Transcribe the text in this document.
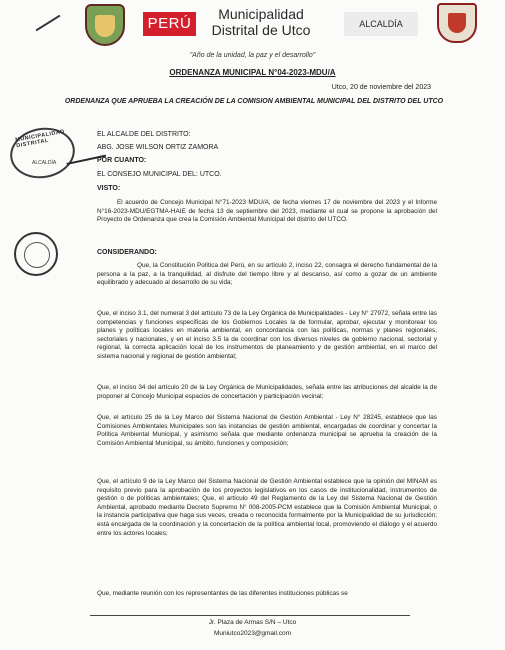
PERÚ
Municipalidad
Distrital de Utco	ALCALDÍA
"Año de la unidad, la paz y el desarrollo"
ORDENANZA MUNICIPAL N°04-2023-MDU/A
Utco, 20 de noviembre del 2023
ORDENANZA QUE APRUEBA LA CREACIÓN DE LA COMISION AMBIENTAL MUNICIPAL DEL DISTRITO DEL UTCO
MUNICIPALIDAD DISTRITAL
ALCALDÍA
EL ALCALDE DEL DISTRITO:
ABG. JOSE WILSON ORTIZ ZAMORA
POR CUANTO:
EL CONSEJO MUNICIPAL DEL: UTCO.
VISTO:
El acuerdo de Concejo Municipal N°71-2023 MDU/A, de fecha viernes 17 de noviembre del 2023 y el Informe N°16-2023-MDU/EGTMA-HAIE de fecha 13 de septiembre del 2023, mediante el cual se propone la aprobación del Proyecto de Ordenanza que crea la Comisión Ambiental Municipal del distrito del UTCO.
CONSIDERANDO:
Que, la Constitución Política del Perú, en su artículo 2, inciso 22, consagra el derecho fundamental de la persona a la paz, a la tranquilidad, al disfrute del tiempo libre y al descanso, así como a gozar de un ambiente equilibrado y adecuado al desarrollo de su vida;
Que, el inciso 3.1, del numeral 3 del artículo 73 de la Ley Orgánica de Municipalidades - Ley N° 27972, señala entre las competencias y funciones específicas de los Gobiernos Locales la de formular, aprobar, ejecutar y monitorear los planes y políticas locales en materia ambiental, en concordancia con las políticas, normas y planes regionales, sectoriales y nacionales, y en el inciso 3.5 la de coordinar con los diversos niveles de gobierno nacional, sectorial y regional, la correcta aplicación local de los instrumentos de planeamiento y de gestión ambiental, en el marco del sistema nacional y regional de gestión ambiental;
Que, el inciso 34 del artículo 20 de la Ley Orgánica de Municipalidades, señala entre las atribuciones del alcalde la de proponer al Concejo Municipal espacios de concertación y participación vecinal;
Que, el artículo 25 de la Ley Marco del Sistema Nacional de Gestión Ambiental - Ley N° 28245, establece que las Comisiones Ambientales Municipales son las instancias de gestión ambiental, encargadas de coordinar y concertar la Política Ambiental Municipal, y asimismo señala que mediante ordenanza municipal se aprueba la creación de la Comisión Ambiental Municipal, su ámbito, funciones y composición;
Que, el artículo 9 de la Ley Marco del Sistema Nacional de Gestión Ambiental establece que la opinión del MINAM es requisito previo para la aprobación de los proyectos legislativos en los casos de institucionalidad, instrumentos de gestión o de políticas ambientales; Que, el artículo 49 del Reglamento de la Ley del Sistema Nacional de Gestión Ambiental, aprobado mediante Decreto Supremo N° 008-2005-PCM establece que la Comisión Ambiental Municipal, o la instancia participativa que haga sus veces, creada o reconocida formalmente por la Municipalidad de su jurisdicción; está encargada de la coordinación y la concertación de la política ambiental local, promoviendo el diálogo y el acuerdo entre los actores locales;
Que, mediante reunión con los representantes de las diferentes instituciones públicas se
Jr. Plaza de Armas S/N – Utco
Muniutco2023@gmail.com
